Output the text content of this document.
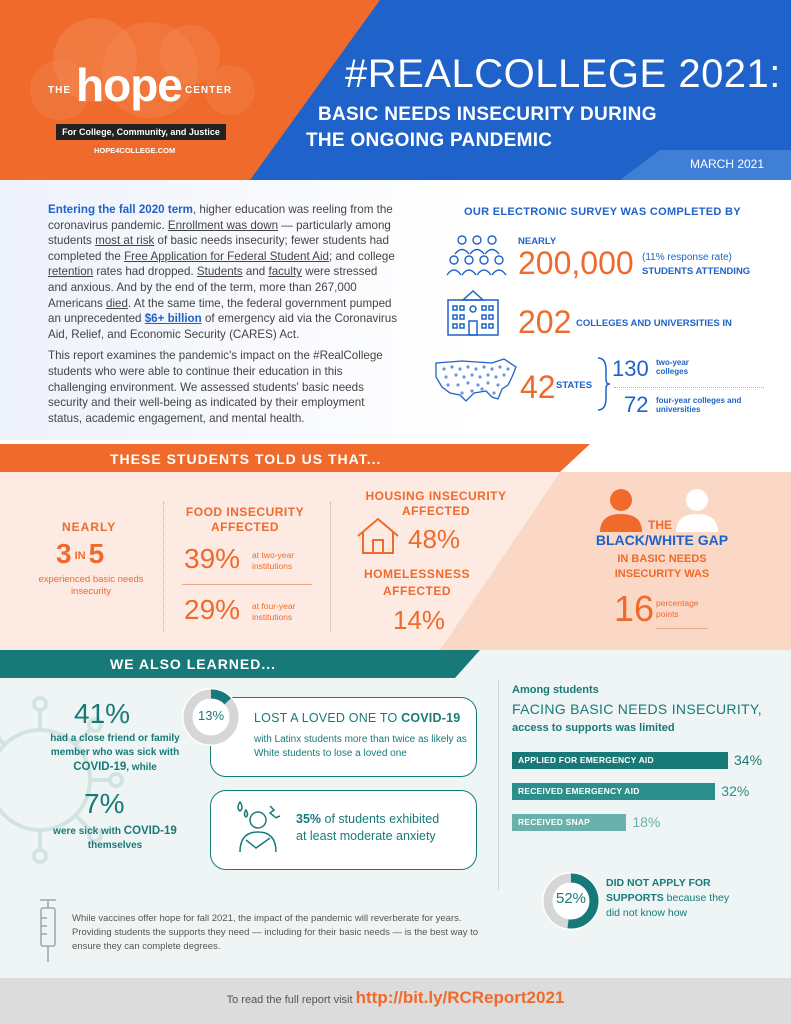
THE hope CENTER
For College, Community, and Justice
HOPE4COLLEGE.COM
#REALCOLLEGE 2021:
BASIC NEEDS INSECURITY DURING
THE ONGOING PANDEMIC
MARCH 2021

Entering the fall 2020 term, higher education was reeling from the coronavirus pandemic. Enrollment was down — particularly among students most at risk of basic needs insecurity; fewer students had completed the Free Application for Federal Student Aid; and college retention rates had dropped. Students and faculty were stressed and anxious. And by the end of the term, more than 267,000 Americans died. At the same time, the federal government pumped an unprecedented $6+ billion of emergency aid via the Coronavirus Aid, Relief, and Economic Security (CARES) Act.

This report examines the pandemic's impact on the #RealCollege students who were able to continue their education in this challenging environment. We assessed students' basic needs security and their well-being as indicated by their employment status, academic engagement, and mental health.

OUR ELECTRONIC SURVEY WAS COMPLETED BY
NEARLY
200,000 (11% response rate)
STUDENTS ATTENDING
202 COLLEGES AND UNIVERSITIES IN
42 STATES
130 two-year colleges
72 four-year colleges and universities
THESE STUDENTS TOLD US THAT...
NEARLY
3 IN 5
experienced basic needs insecurity
FOOD INSECURITY AFFECTED
39% at two-year institutions
29% at four-year institutions
HOUSING INSECURITY AFFECTED
48%
HOMELESSNESS AFFECTED
14%
THE
BLACK/WHITE GAP
IN BASIC NEEDS INSECURITY WAS
16 percentage points
WE ALSO LEARNED...
41%
had a close friend or family member who was sick with COVID-19, while
7%
were sick with COVID-19 themselves
13%	LOST A LOVED ONE TO COVID-19
with Latinx students more than twice as likely as White students to lose a loved one
35% of students exhibited
at least moderate anxiety
Among students
FACING BASIC NEEDS INSECURITY,
access to supports was limited
APPLIED FOR EMERGENCY AID	34%
RECEIVED EMERGENCY AID	32%
RECEIVED SNAP	18%
52%
DID NOT APPLY FOR SUPPORTS because they did not know how
While vaccines offer hope for fall 2021, the impact of the pandemic will reverberate for years. Providing students the supports they need — including for their basic needs — is the best way to ensure they can complete degrees.
To read the full report visit http://bit.ly/RCReport2021
